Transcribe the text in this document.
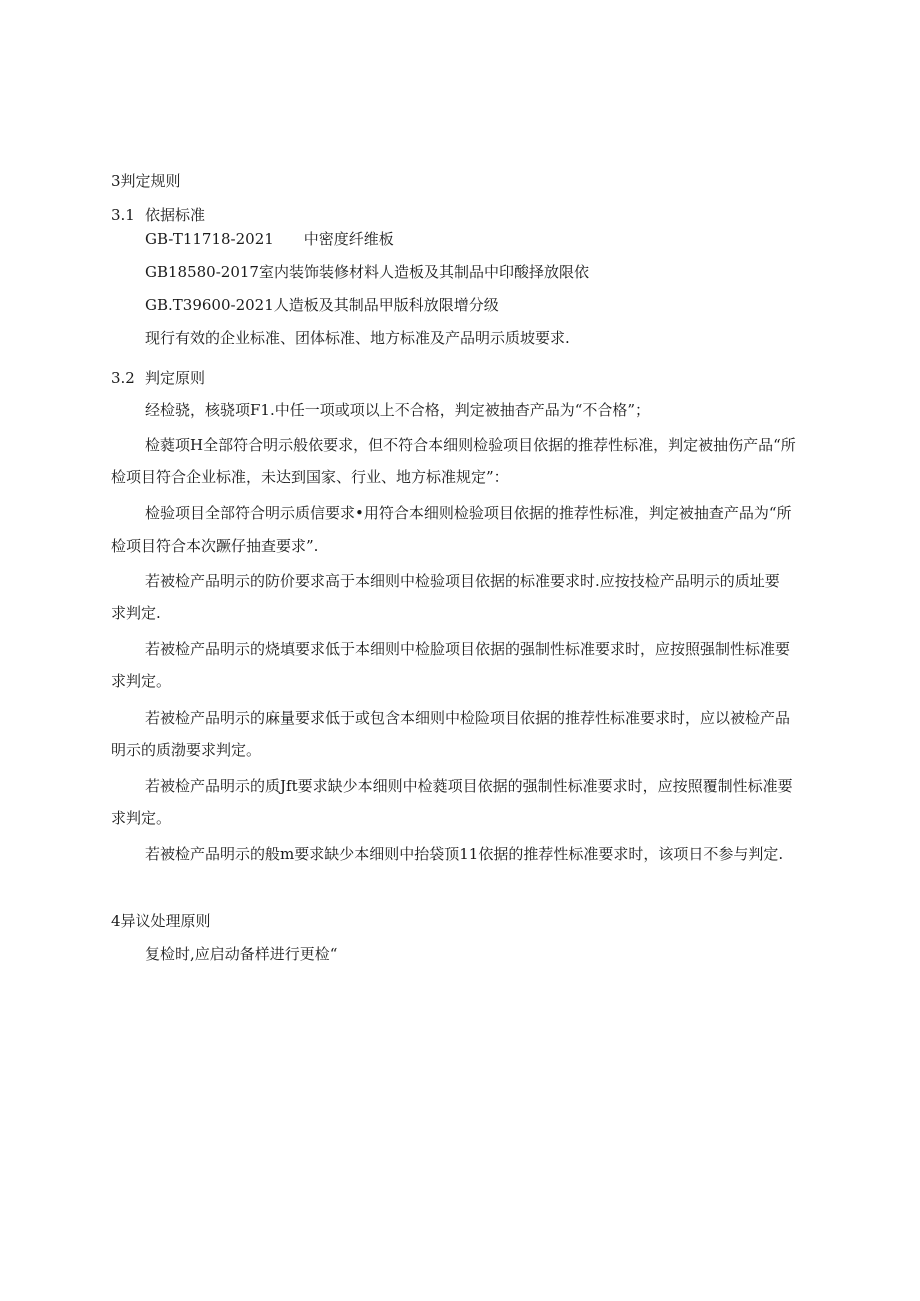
3判定规则
3.1 依据标准
GB-T11718-2021　　中密度纤维板
GB18580-2017室内装饰装修材料人造板及其制品中印酸择放限依
GB.T39600-2021人造板及其制品甲版科放限增分级
现行有效的企业标准、团体标准、地方标准及产品明示质坡要求.
3.2 判定原则
经检骁，核骁项F1.中任一项或项以上不合格，判定被抽杳产品为“不合格”；
检蕤项H全部符合明示般依要求，但不符合本细则检验项目依据的推荐性标准，判定被抽伤产品“所
检项目符合企业标准，未达到国家、行业、地方标准规定”：
检验项目全部符合明示质信要求•用符合本细则检验项目依据的推荐性标准，判定被抽查产品为“所
检项目符合本次蹶仔抽查要求”.
若被检产品明示的防价要求高于本细则中检验项目依据的标准要求时.应按技检产品明示的质址要
求判定.
若被检产品明示的烧填要求低于本细则中检脸项目依据的强制性标准要求时，应按照强制性标准要
求判定。
若被检产品明示的麻量要求低于或包含本细则中检险项目依据的推荐性标准要求时，应以被检产品
明示的质渤要求判定。
若被检产品明示的质Jft要求缺少本细则中检蕤项目依据的强制性标准要求时，应按照覆制性标准要
求判定。
若被检产品明示的般m要求缺少本细则中抬袋顶11依据的推荐性标准要求时，该项日不参与判定.
4异议处理原则
复检时,应启动备样进行更检“
